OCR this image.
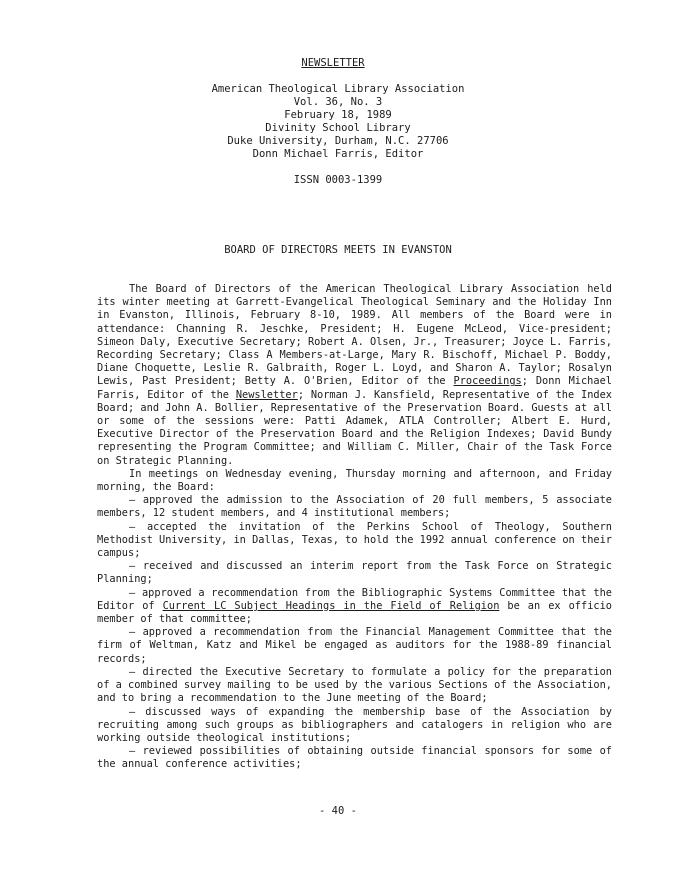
NEWSLETTER
American Theological Library Association
Vol. 36, No. 3
February 18, 1989
Divinity School Library
Duke University, Durham, N.C. 27706
Donn Michael Farris, Editor
ISSN 0003-1399
BOARD OF DIRECTORS MEETS IN EVANSTON

The Board of Directors of the American Theological Library Association held its winter meeting at Garrett-Evangelical Theological Seminary and the Holiday Inn in Evanston, Illinois, February 8-10, 1989. All members of the Board were in attendance: Channing R. Jeschke, President; H. Eugene McLeod, Vice-president; Simeon Daly, Executive Secretary; Robert A. Olsen, Jr., Treasurer; Joyce L. Farris, Recording Secretary; Class A Members-at-Large, Mary R. Bischoff, Michael P. Boddy, Diane Choquette, Leslie R. Galbraith, Roger L. Loyd, and Sharon A. Taylor; Rosalyn Lewis, Past President; Betty A. O'Brien, Editor of the Proceedings; Donn Michael Farris, Editor of the Newsletter; Norman J. Kansfield, Representative of the Index Board; and John A. Bollier, Representative of the Preservation Board. Guests at all or some of the sessions were: Patti Adamek, ATLA Controller; Albert E. Hurd, Executive Director of the Preservation Board and the Religion Indexes; David Bundy representing the Program Committee; and William C. Miller, Chair of the Task Force on Strategic Planning.

In meetings on Wednesday evening, Thursday morning and afternoon, and Friday morning, the Board:

– approved the admission to the Association of 20 full members, 5 associate members, 12 student members, and 4 institutional members;

– accepted the invitation of the Perkins School of Theology, Southern Methodist University, in Dallas, Texas, to hold the 1992 annual conference on their campus;

– received and discussed an interim report from the Task Force on Strategic Planning;

– approved a recommendation from the Bibliographic Systems Committee that the Editor of Current LC Subject Headings in the Field of Religion be an ex officio member of that committee;

– approved a recommendation from the Financial Management Committee that the firm of Weltman, Katz and Mikel be engaged as auditors for the 1988-89 financial records;

– directed the Executive Secretary to formulate a policy for the preparation of a combined survey mailing to be used by the various Sections of the Association, and to bring a recommendation to the June meeting of the Board;

– discussed ways of expanding the membership base of the Association by recruiting among such groups as bibliographers and catalogers in religion who are working outside theological institutions;

– reviewed possibilities of obtaining outside financial sponsors for some of the annual conference activities;

- 40 -
